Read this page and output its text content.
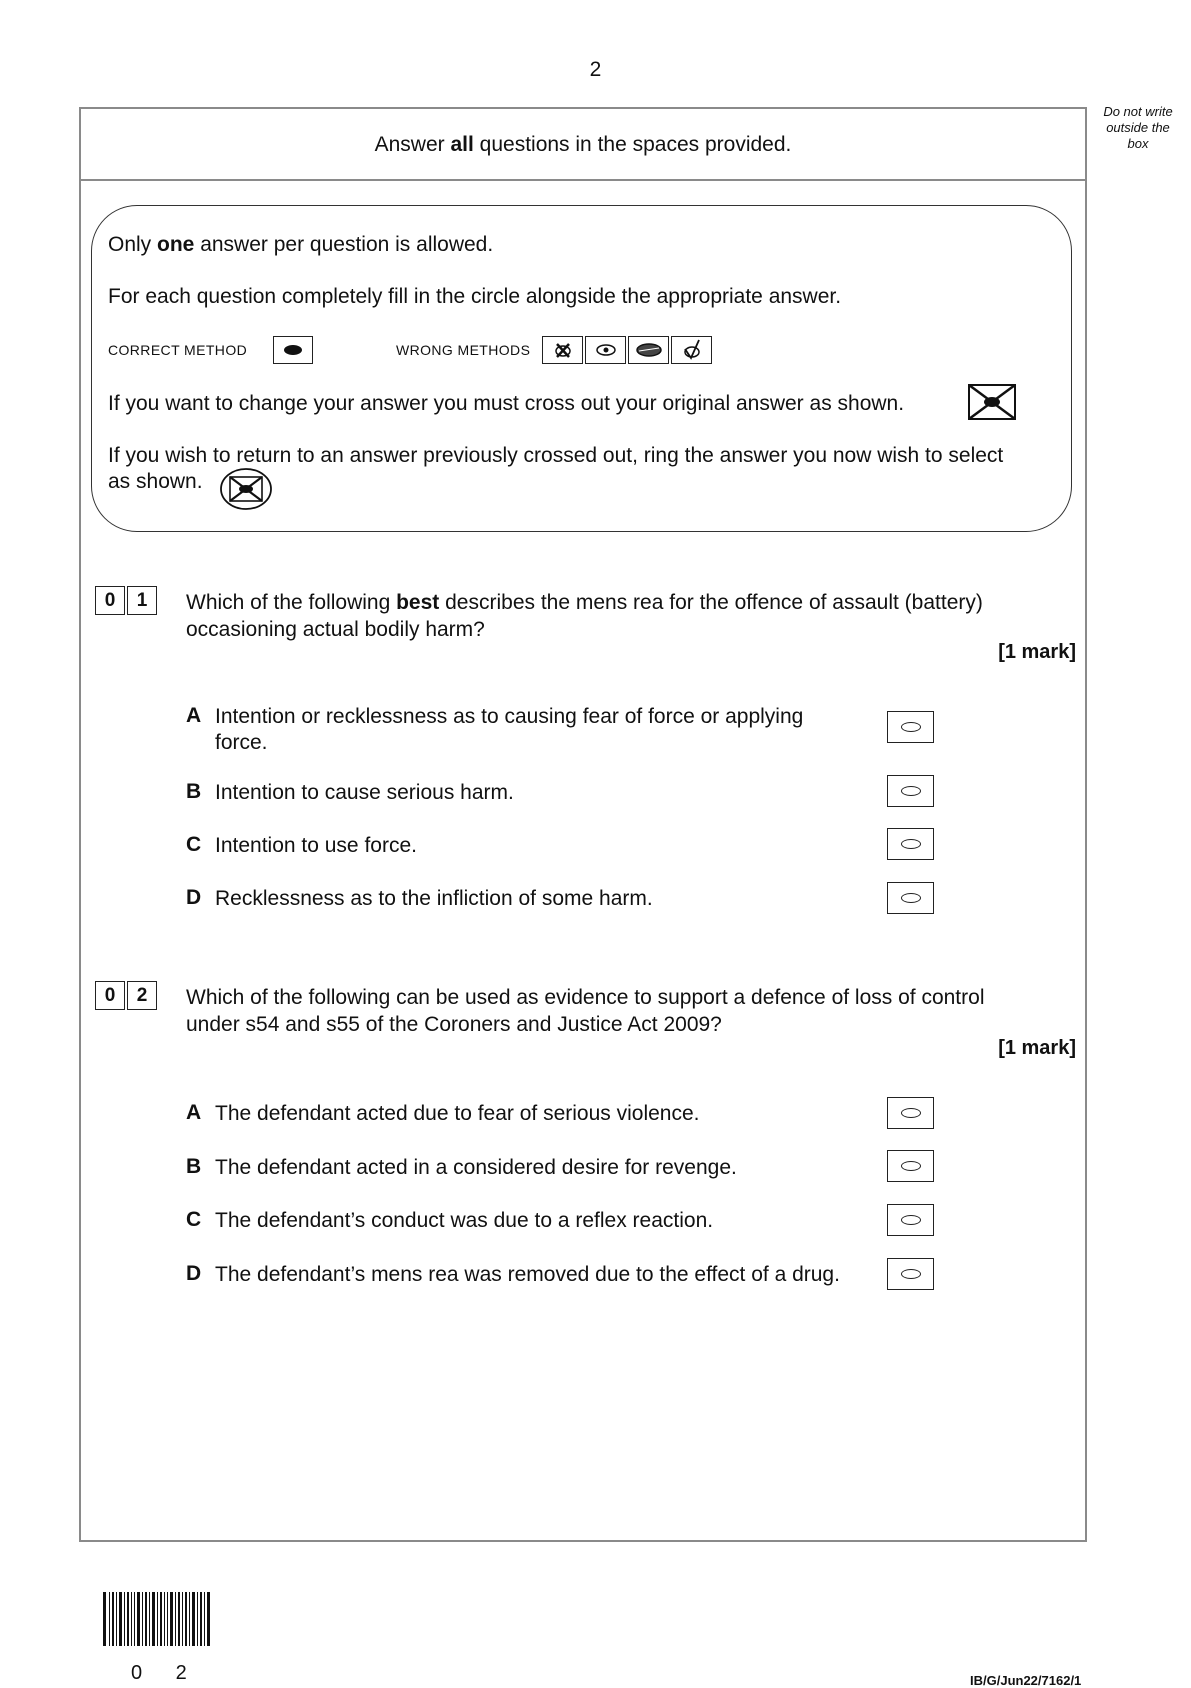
2
Do not write
outside the
box
Answer all questions in the spaces provided.
Only one answer per question is allowed.
For each question completely fill in the circle alongside the appropriate answer.
CORRECT METHOD	WRONG METHODS
If you want to change your answer you must cross out your original answer as shown.
If you wish to return to an answer previously crossed out, ring the answer you now wish to select
as shown.
0	1	Which of the following best describes the mens rea for the offence of assault (battery)
occasioning actual bodily harm?
[1 mark]
A Intention or recklessness as to causing fear of force or applying
force.
B Intention to cause serious harm.
C Intention to use force.
D Recklessness as to the infliction of some harm.
0	2	Which of the following can be used as evidence to support a defence of loss of control
under s54 and s55 of the Coroners and Justice Act 2009?
[1 mark]
A The defendant acted due to fear of serious violence.
B The defendant acted in a considered desire for revenge.
C The defendant’s conduct was due to a reflex reaction.
D The defendant’s mens rea was removed due to the effect of a drug.
0 2	IB/G/Jun22/7162/1
